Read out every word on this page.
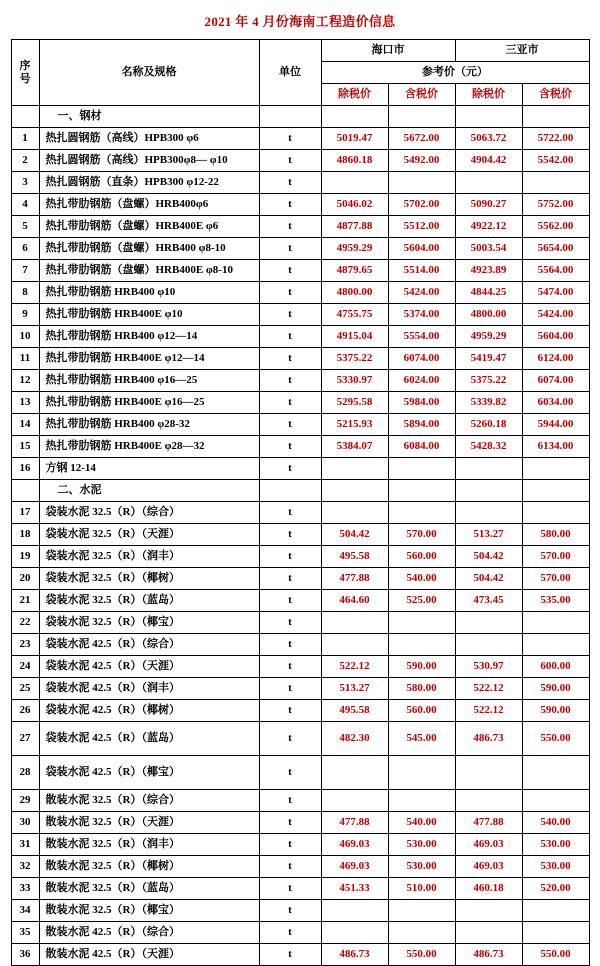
2021 年 4 月份海南工程造价信息
序
号	名称及规格	单位	海口市		三亚市	
			参考价（元）			
			除税价	含税价	除税价	含税价
	一、钢材					
1	热扎圆钢筋（高线）HPB300 φ6	t	5019.47	5672.00	5063.72	5722.00
2	热扎圆钢筋（高线）HPB300φ8— φ10	t	4860.18	5492.00	4904.42	5542.00
3	热扎圆钢筋（直条）HPB300 φ12-22	t				
4	热扎带肋钢筋（盘螺）HRB400φ6	t	5046.02	5702.00	5090.27	5752.00
5	热扎带肋钢筋（盘螺）HRB400E φ6	t	4877.88	5512.00	4922.12	5562.00
6	热扎带肋钢筋（盘螺）HRB400 φ8-10	t	4959.29	5604.00	5003.54	5654.00
7	热扎带肋钢筋（盘螺）HRB400E φ8-10	t	4879.65	5514.00	4923.89	5564.00
8	热扎带肋钢筋 HRB400 φ10	t	4800.00	5424.00	4844.25	5474.00
9	热扎带肋钢筋 HRB400E φ10	t	4755.75	5374.00	4800.00	5424.00
10	热扎带肋钢筋 HRB400 φ12—14	t	4915.04	5554.00	4959.29	5604.00
11	热扎带肋钢筋 HRB400E φ12—14	t	5375.22	6074.00	5419.47	6124.00
12	热扎带肋钢筋 HRB400 φ16—25	t	5330.97	6024.00	5375.22	6074.00
13	热扎带肋钢筋 HRB400E φ16—25	t	5295.58	5984.00	5339.82	6034.00
14	热扎带肋钢筋 HRB400 φ28-32	t	5215.93	5894.00	5260.18	5944.00
15	热扎带肋钢筋 HRB400E φ28—32	t	5384.07	6084.00	5428.32	6134.00
16	方钢 12-14	t				
	二、水泥					
17	袋装水泥 32.5（R）（综合）	t				
18	袋装水泥 32.5（R）（天涯）	t	504.42	570.00	513.27	580.00
19	袋装水泥 32.5（R）（润丰）	t	495.58	560.00	504.42	570.00
20	袋装水泥 32.5（R）（椰树）	t	477.88	540.00	504.42	570.00
21	袋装水泥 32.5（R）（蓝岛）	t	464.60	525.00	473.45	535.00
22	袋装水泥 32.5（R）（椰宝）	t				
23	袋装水泥 42.5（R）（综合）	t				
24	袋装水泥 42.5（R）（天涯）	t	522.12	590.00	530.97	600.00
25	袋装水泥 42.5（R）（润丰）	t	513.27	580.00	522.12	590.00
26	袋装水泥 42.5（R）（椰树）	t	495.58	560.00	522.12	590.00
27	袋装水泥 42.5（R）（蓝岛）	t	482.30	545.00	486.73	550.00
28	袋装水泥 42.5（R）（椰宝）	t				
29	散装水泥 32.5（R）（综合）	t				
30	散装水泥 32.5（R）（天涯）	t	477.88	540.00	477.88	540.00
31	散装水泥 32.5（R）（润丰）	t	469.03	530.00	469.03	530.00
32	散装水泥 32.5（R）（椰树）	t	469.03	530.00	469.03	530.00
33	散装水泥 32.5（R）（蓝岛）	t	451.33	510.00	460.18	520.00
34	散装水泥 32.5（R）（椰宝）	t				
35	散装水泥 42.5（R）（综合）	t				
36	散装水泥 42.5（R）（天涯）	t	486.73	550.00	486.73	550.00
